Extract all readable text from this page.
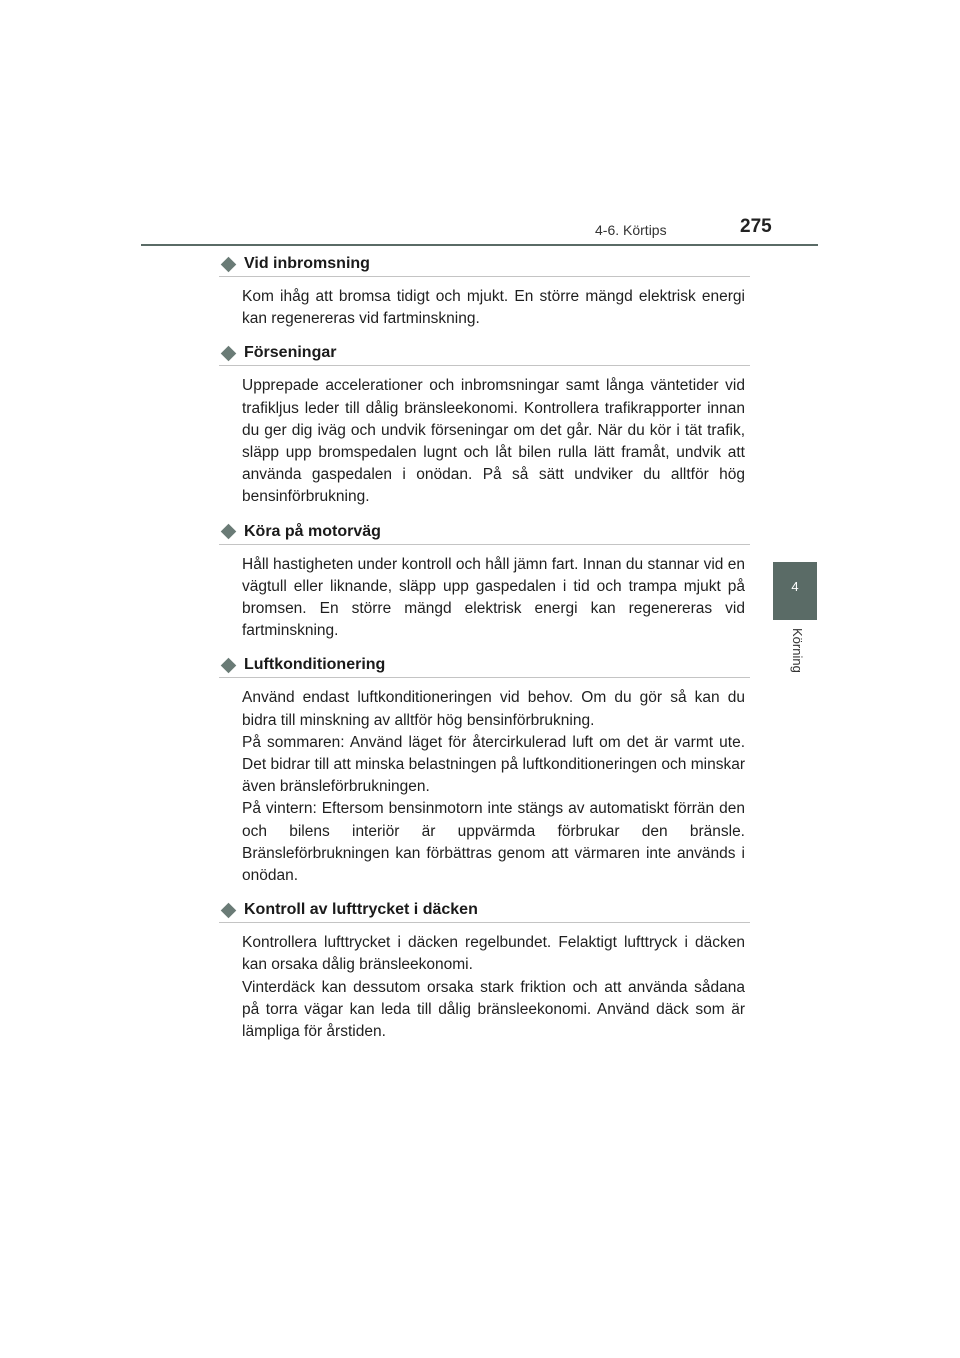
4-6. Körtips	275
4
Körning
Vid inbromsning

Kom ihåg att bromsa tidigt och mjukt. En större mängd elektrisk energi kan regenereras vid fartminskning.

Förseningar

Upprepade accelerationer och inbromsningar samt långa väntetider vid trafikljus leder till dålig bränsleekonomi. Kontrollera trafikrapporter innan du ger dig iväg och undvik förseningar om det går. När du kör i tät trafik, släpp upp bromspedalen lugnt och låt bilen rulla lätt framåt, undvik att använda gaspedalen i onödan. På så sätt undviker du alltför hög bensinförbrukning.

Köra på motorväg

Håll hastigheten under kontroll och håll jämn fart. Innan du stannar vid en vägtull eller liknande, släpp upp gaspedalen i tid och trampa mjukt på bromsen. En större mängd elektrisk energi kan regenereras vid fartminskning.

Luftkonditionering

Använd endast luftkonditioneringen vid behov. Om du gör så kan du bidra till minskning av alltför hög bensinförbrukning.

På sommaren: Använd läget för återcirkulerad luft om det är varmt ute. Det bidrar till att minska belastningen på luftkonditioneringen och minskar även bränsleförbrukningen.

På vintern: Eftersom bensinmotorn inte stängs av automatiskt förrän den och bilens interiör är uppvärmda förbrukar den bränsle. Bränsleförbrukningen kan förbättras genom att värmaren inte används i onödan.

Kontroll av lufttrycket i däcken

Kontrollera lufttrycket i däcken regelbundet. Felaktigt lufttryck i däcken kan orsaka dålig bränsleekonomi.

Vinterdäck kan dessutom orsaka stark friktion och att använda sådana på torra vägar kan leda till dålig bränsleekonomi. Använd däck som är lämpliga för årstiden.
